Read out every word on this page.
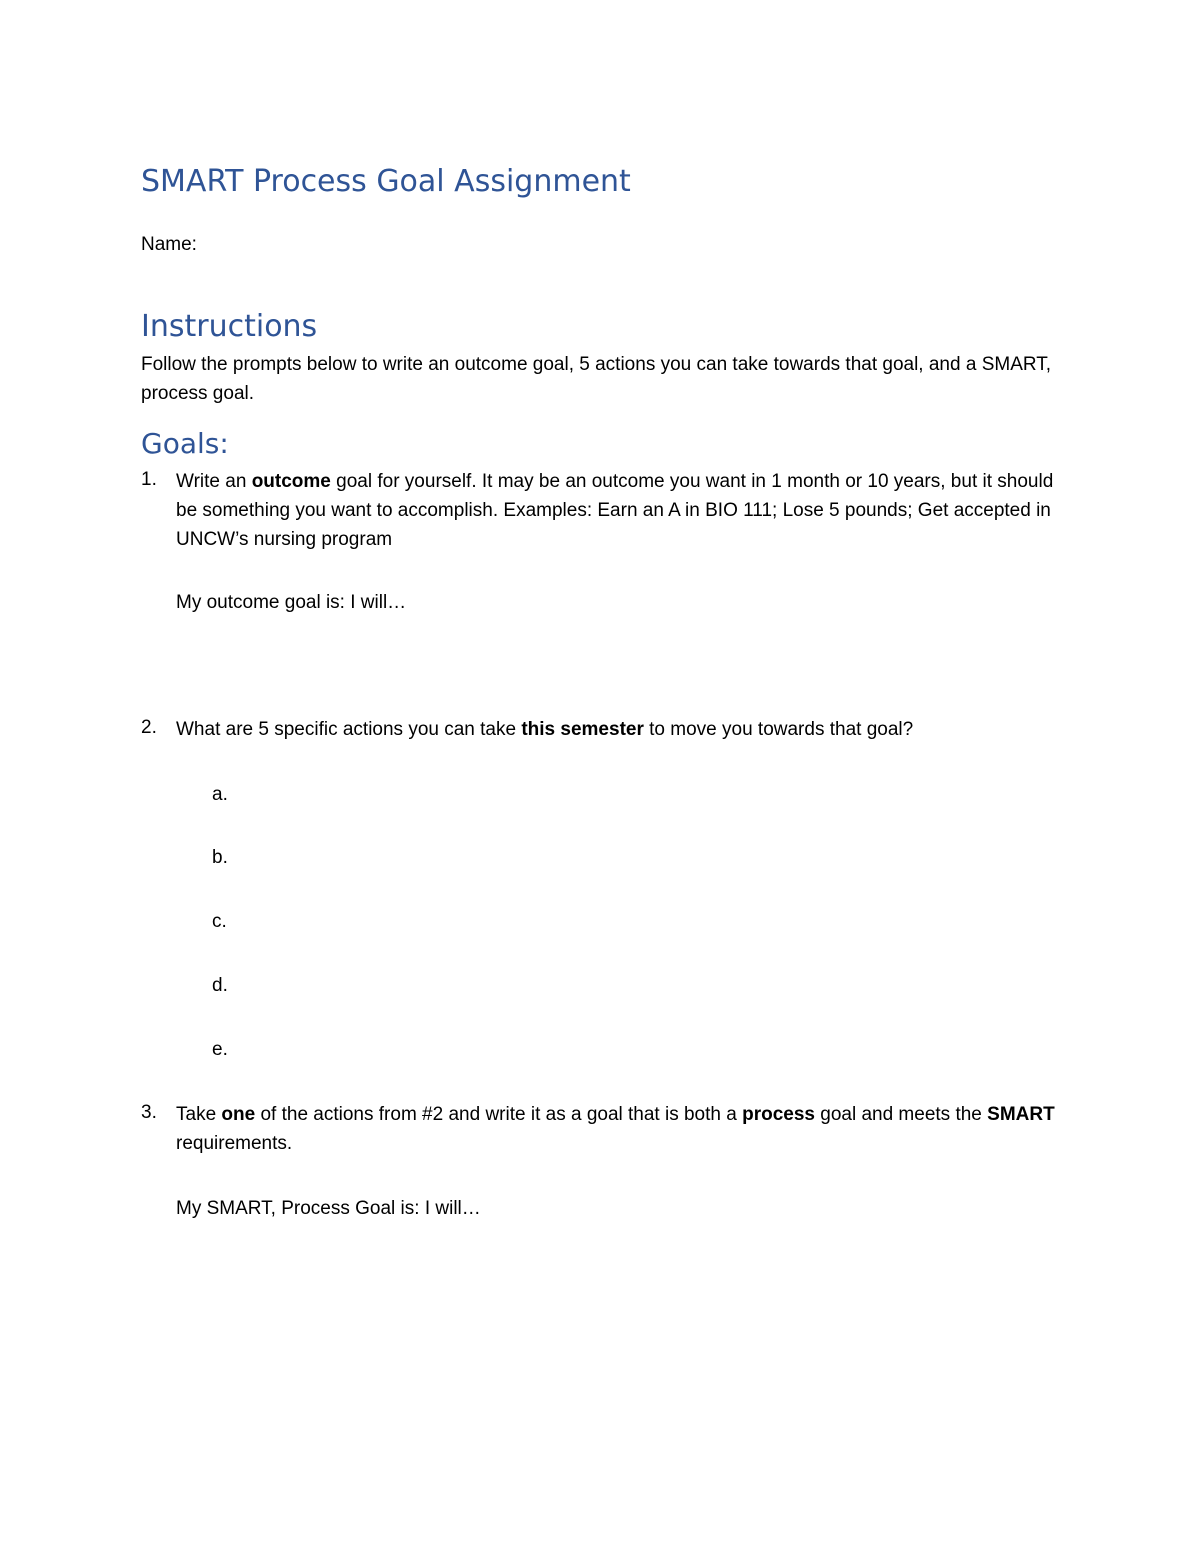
SMART Process Goal Assignment
Name:
Instructions
Follow the prompts below to write an outcome goal, 5 actions you can take towards that goal, and a SMART, process goal.
Goals:
1. Write an outcome goal for yourself. It may be an outcome you want in 1 month or 10 years, but it should be something you want to accomplish. Examples: Earn an A in BIO 111; Lose 5 pounds; Get accepted in UNCW’s nursing program
My outcome goal is: I will…
2. What are 5 specific actions you can take this semester to move you towards that goal?
a.
b.
c.
d.
e.
3. Take one of the actions from #2 and write it as a goal that is both a process goal and meets the SMART requirements.
My SMART, Process Goal is: I will…
